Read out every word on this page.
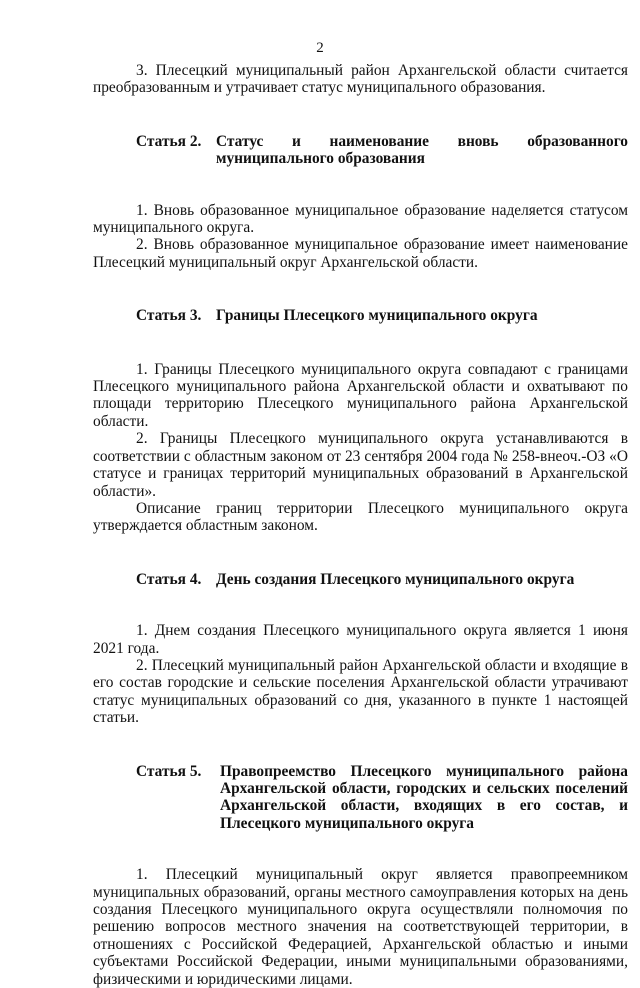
2

3. Плесецкий муниципальный район Архангельской области считается преобразованным и утрачивает статус муниципального образования.

Статья 2. Статус и наименование вновь образованного муниципального образования

1. Вновь образованное муниципальное образование наделяется статусом муниципального округа.

2. Вновь образованное муниципальное образование имеет наименование Плесецкий муниципальный округ Архангельской области.

Статья 3. Границы Плесецкого муниципального округа

1. Границы Плесецкого муниципального округа совпадают с границами Плесецкого муниципального района Архангельской области и охватывают по площади территорию Плесецкого муниципального района Архангельской области.

2. Границы Плесецкого муниципального округа устанавливаются в соответствии с областным законом от 23 сентября 2004 года № 258-внеоч.-ОЗ «О статусе и границах территорий муниципальных образований в Архангельской области».

Описание границ территории Плесецкого муниципального округа утверждается областным законом.

Статья 4. День создания Плесецкого муниципального округа

1. Днем создания Плесецкого муниципального округа является 1 июня 2021 года.

2. Плесецкий муниципальный район Архангельской области и входящие в его состав городские и сельские поселения Архангельской области утрачивают статус муниципальных образований со дня, указанного в пункте 1 настоящей статьи.

Статья 5.	Правопреемство Плесецкого муниципального района Архангельской области, городских и сельских поселений Архангельской области, входящих в его состав, и Плесецкого муниципального округа

1. Плесецкий муниципальный округ является правопреемником муниципальных образований, органы местного самоуправления которых на день создания Плесецкого муниципального округа осуществляли полномочия по решению вопросов местного значения на соответствующей территории, в отношениях с Российской Федерацией, Архангельской областью и иными субъектами Российской Федерации, иными муниципальными образованиями, физическими и юридическими лицами.
